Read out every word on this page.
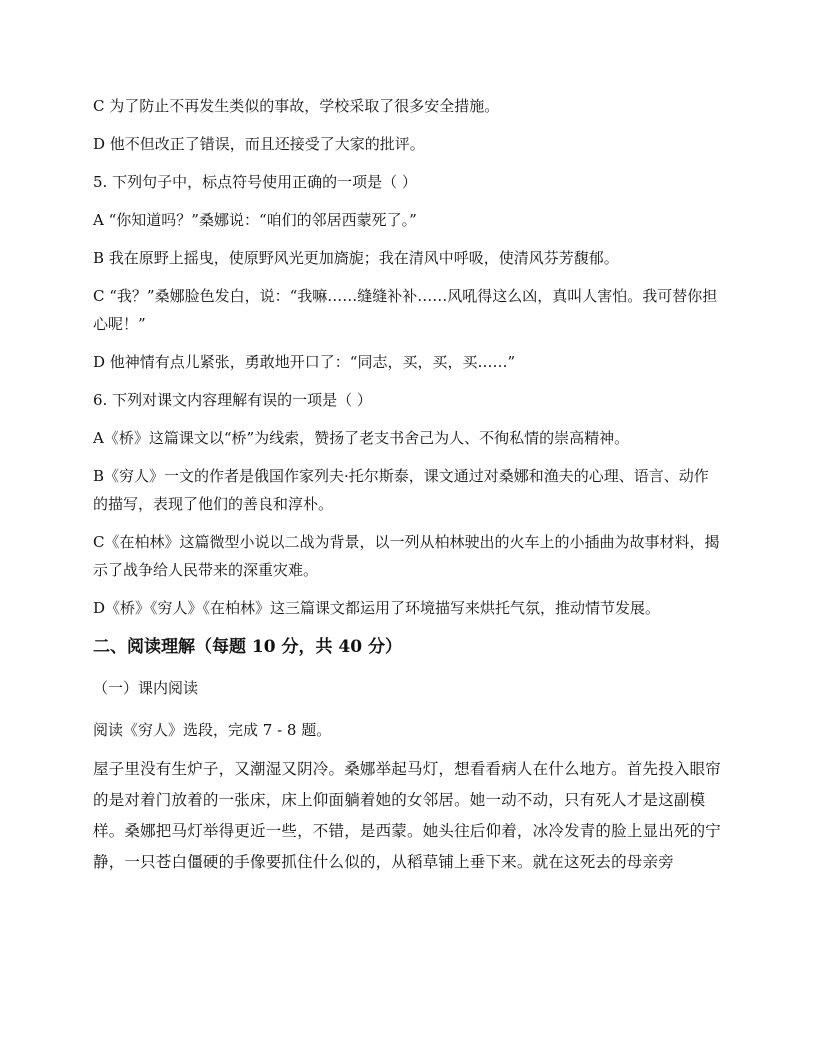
C 为了防止不再发生类似的事故，学校采取了很多安全措施。

D 他不但改正了错误，而且还接受了大家的批评。

5. 下列句子中，标点符号使用正确的一项是（ ）

A “你知道吗？”桑娜说：“咱们的邻居西蒙死了。”

B 我在原野上摇曳，使原野风光更加旖旎；我在清风中呼吸，使清风芬芳馥郁。

C “我？”桑娜脸色发白，说：“我嘛……缝缝补补……风吼得这么凶，真叫人害怕。我可替你担心呢！”

D 他神情有点儿紧张，勇敢地开口了：“同志，买，买，买……”

6. 下列对课文内容理解有误的一项是（ ）

A《桥》这篇课文以“桥”为线索，赞扬了老支书舍己为人、不徇私情的崇高精神。

B《穷人》一文的作者是俄国作家列夫·托尔斯泰，课文通过对桑娜和渔夫的心理、语言、动作的描写，表现了他们的善良和淳朴。

C《在柏林》这篇微型小说以二战为背景，以一列从柏林驶出的火车上的小插曲为故事材料，揭示了战争给人民带来的深重灾难。

D《桥》《穷人》《在柏林》这三篇课文都运用了环境描写来烘托气氛，推动情节发展。

二、阅读理解（每题 10 分，共 40 分）
（一）课内阅读

阅读《穷人》选段，完成 7 - 8 题。

屋子里没有生炉子，又潮湿又阴冷。桑娜举起马灯，想看看病人在什么地方。首先投入眼帘的是对着门放着的一张床，床上仰面躺着她的女邻居。她一动不动，只有死人才是这副模样。桑娜把马灯举得更近一些，不错，是西蒙。她头往后仰着，冰冷发青的脸上显出死的宁静，一只苍白僵硬的手像要抓住什么似的，从稻草铺上垂下来。就在这死去的母亲旁
